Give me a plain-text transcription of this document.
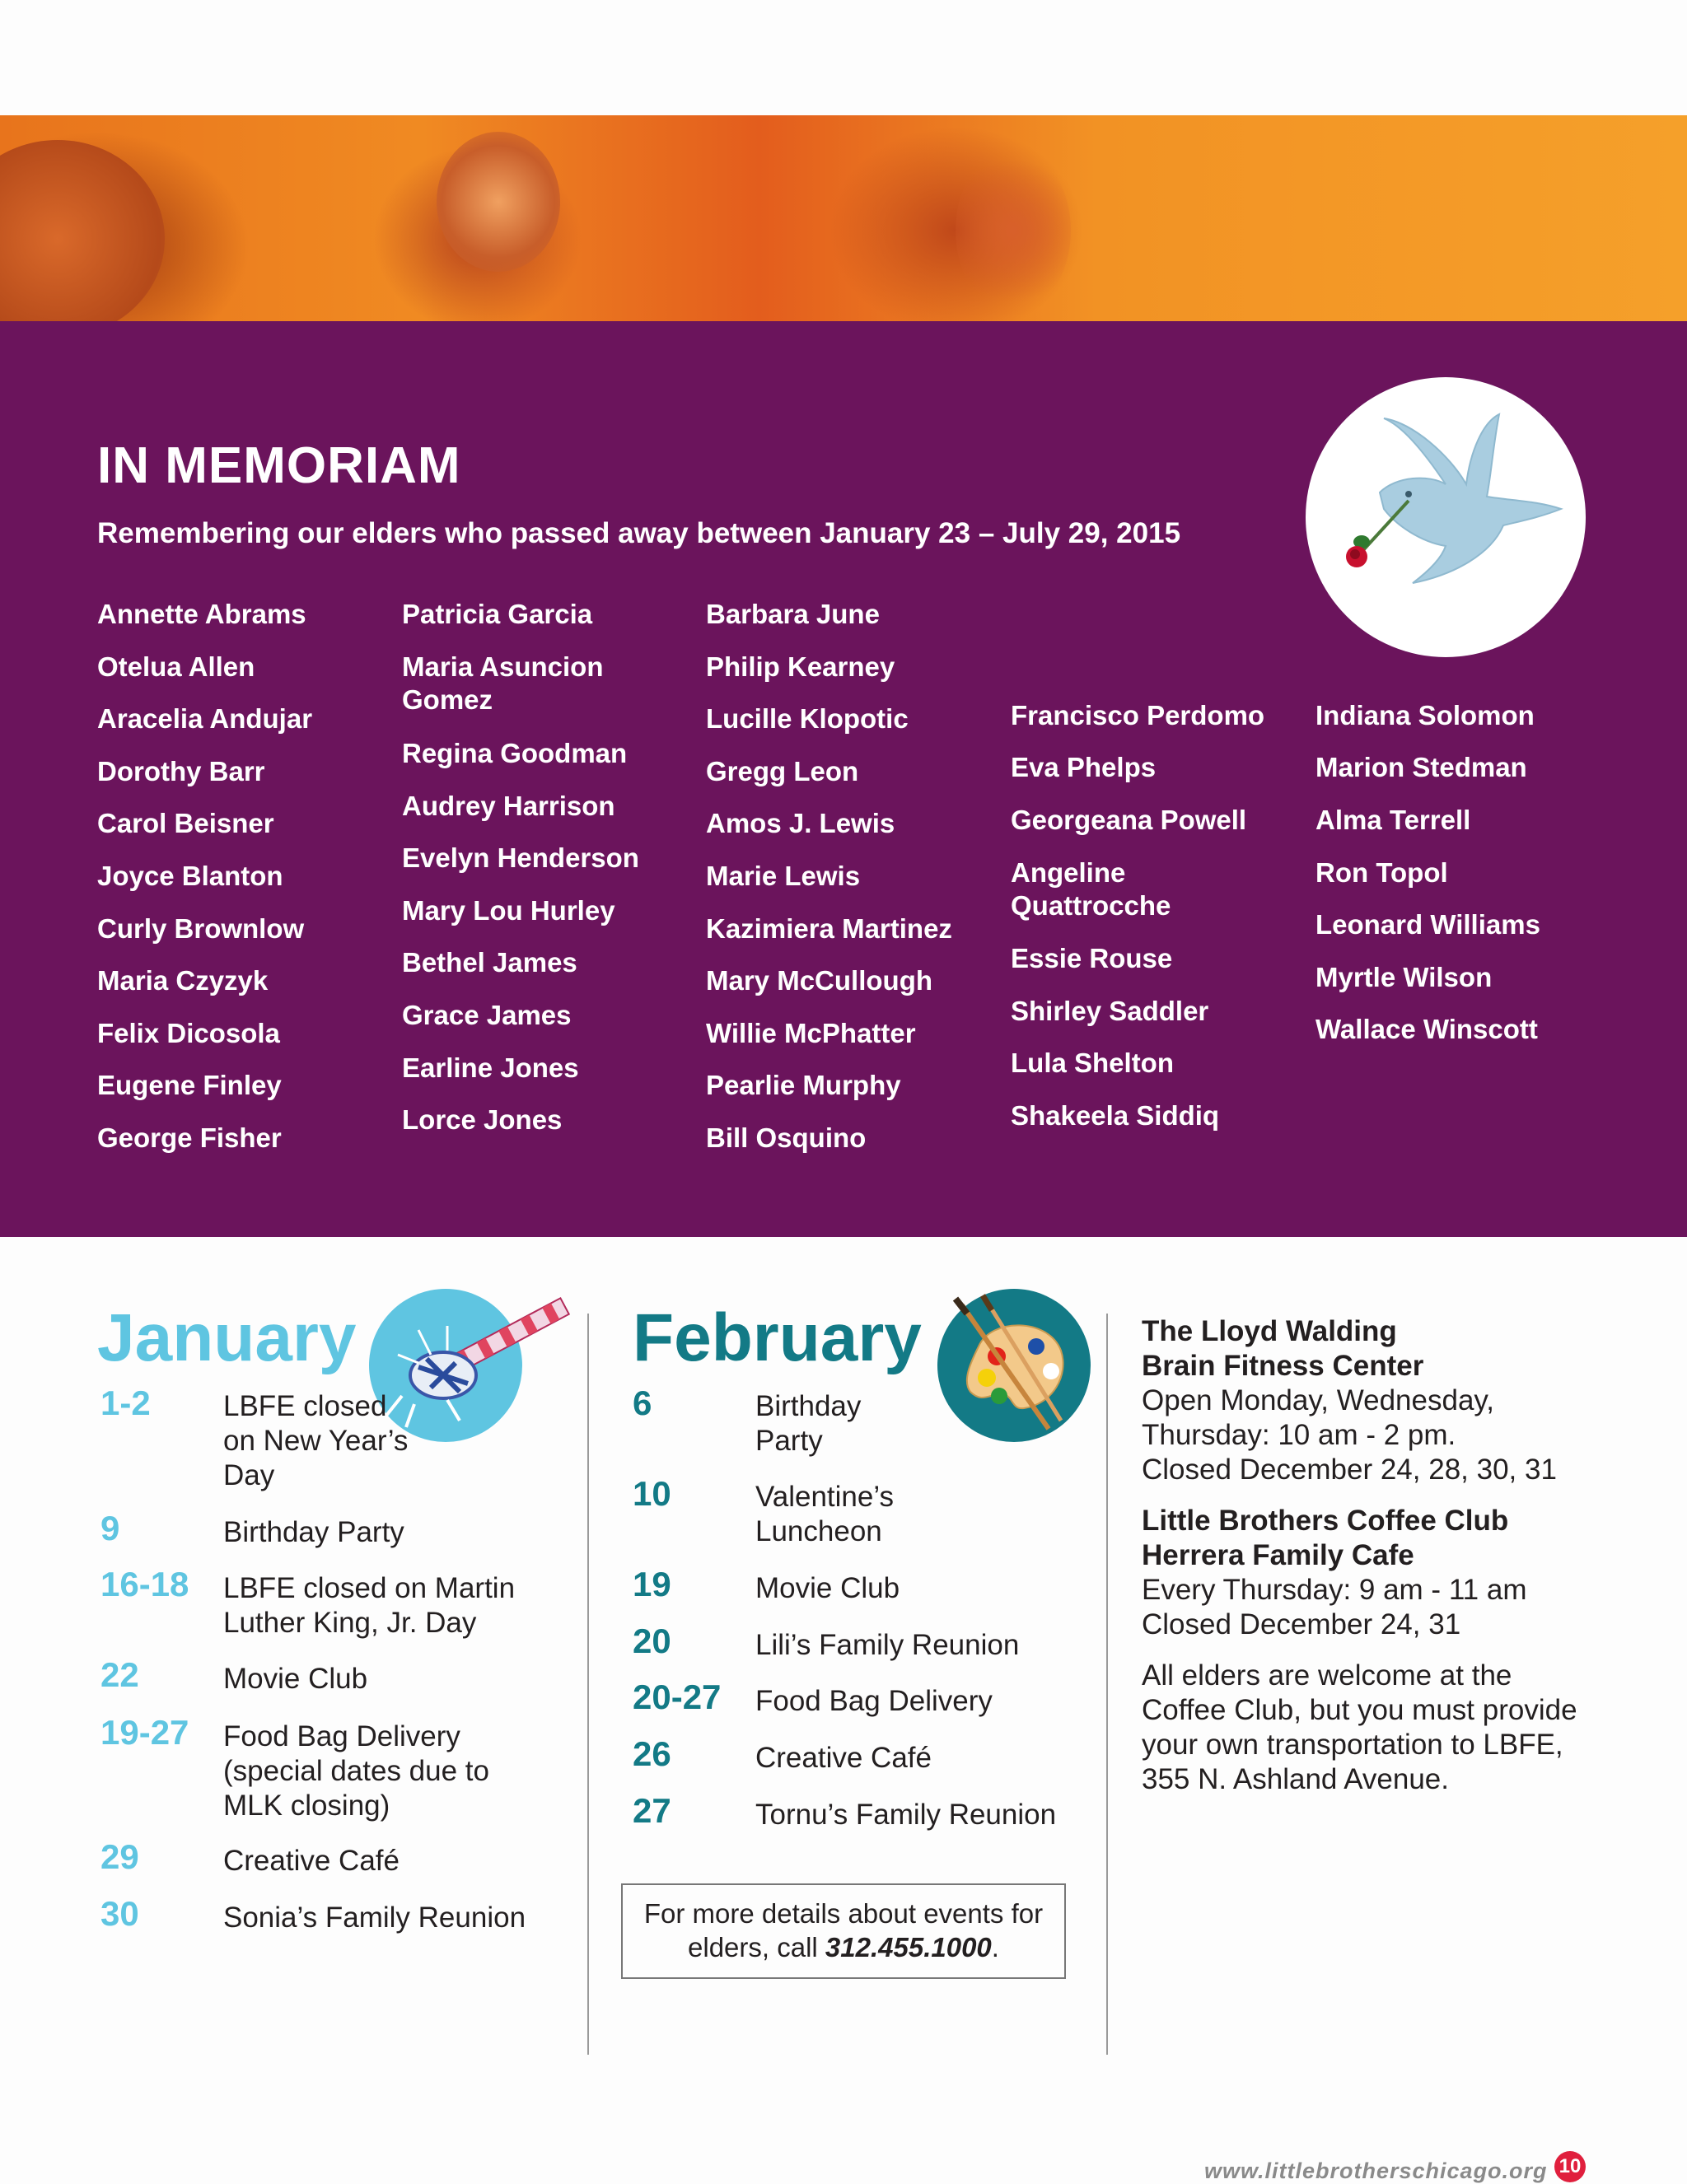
IN MEMORIAM
Remembering our elders who passed away between January 23 – July 29, 2015
Annette Abrams
Otelua Allen
Aracelia Andujar
Dorothy Barr
Carol Beisner
Joyce Blanton
Curly Brownlow
Maria Czyzyk
Felix Dicosola
Eugene Finley
George Fisher
Patricia Garcia
Maria Asuncion Gomez
Regina Goodman
Audrey Harrison
Evelyn Henderson
Mary Lou Hurley
Bethel James
Grace James
Earline Jones
Lorce Jones
Barbara June
Philip Kearney
Lucille Klopotic
Gregg Leon
Amos J. Lewis
Marie Lewis
Kazimiera Martinez
Mary McCullough
Willie McPhatter
Pearlie Murphy
Bill Osquino
Francisco Perdomo
Eva Phelps
Georgeana Powell
Angeline Quattrocche
Essie Rouse
Shirley Saddler
Lula Shelton
Shakeela Siddiq
Indiana Solomon
Marion Stedman
Alma Terrell
Ron Topol
Leonard Williams
Myrtle Wilson
Wallace Winscott
January
1-2	LBFE closed on New Year’s Day
9	Birthday Party
16-18 LBFE closed on Martin Luther King, Jr. Day
22	Movie Club
19-27 Food Bag Delivery (special dates due to MLK closing)
29	Creative Café
30	Sonia’s Family Reunion
February
6	Birthday Party
10	Valentine’s Luncheon
19	Movie Club
20	Lili’s Family Reunion
20-27 Food Bag Delivery
26	Creative Café
27	Tornu’s Family Reunion
For more details about events for
elders, call 312.455.1000.
The Lloyd Walding
Brain Fitness Center
Open Monday, Wednesday,
Thursday: 10 am - 2 pm.
Closed December 24, 28, 30, 31
Little Brothers Coffee Club
Herrera Family Cafe
Every Thursday: 9 am - 11 am
Closed December 24, 31
All elders are welcome at the
Coffee Club, but you must provide
your own transportation to LBFE,
355 N. Ashland Avenue.
www.littlebrotherschicago.org 10
